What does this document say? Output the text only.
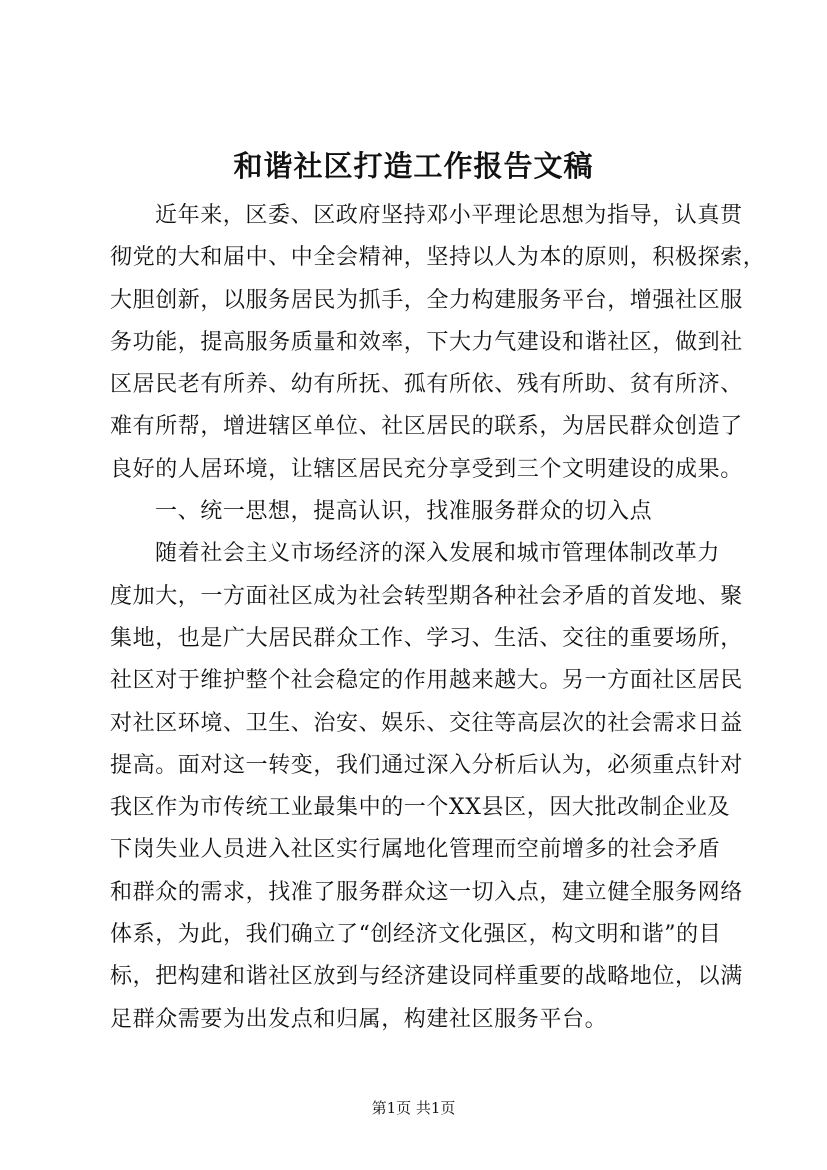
和谐社区打造工作报告文稿
近年来，区委、区政府坚持邓小平理论思想为指导，认真贯
彻党的大和届中、中全会精神，坚持以人为本的原则，积极探索，
大胆创新，以服务居民为抓手，全力构建服务平台，增强社区服
务功能，提高服务质量和效率，下大力气建设和谐社区，做到社
区居民老有所养、幼有所抚、孤有所依、残有所助、贫有所济、
难有所帮，增进辖区单位、社区居民的联系，为居民群众创造了
良好的人居环境，让辖区居民充分享受到三个文明建设的成果。
一、统一思想，提高认识，找准服务群众的切入点
随着社会主义市场经济的深入发展和城市管理体制改革力
度加大，一方面社区成为社会转型期各种社会矛盾的首发地、聚
集地，也是广大居民群众工作、学习、生活、交往的重要场所，
社区对于维护整个社会稳定的作用越来越大。另一方面社区居民
对社区环境、卫生、治安、娱乐、交往等高层次的社会需求日益
提高。面对这一转变，我们通过深入分析后认为，必须重点针对
我区作为市传统工业最集中的一个XX县区，因大批改制企业及
下岗失业人员进入社区实行属地化管理而空前增多的社会矛盾
和群众的需求，找准了服务群众这一切入点，建立健全服务网络
体系，为此，我们确立了“创经济文化强区，构文明和谐”的目
标，把构建和谐社区放到与经济建设同样重要的战略地位，以满
足群众需要为出发点和归属，构建社区服务平台。
第1页 共1页
